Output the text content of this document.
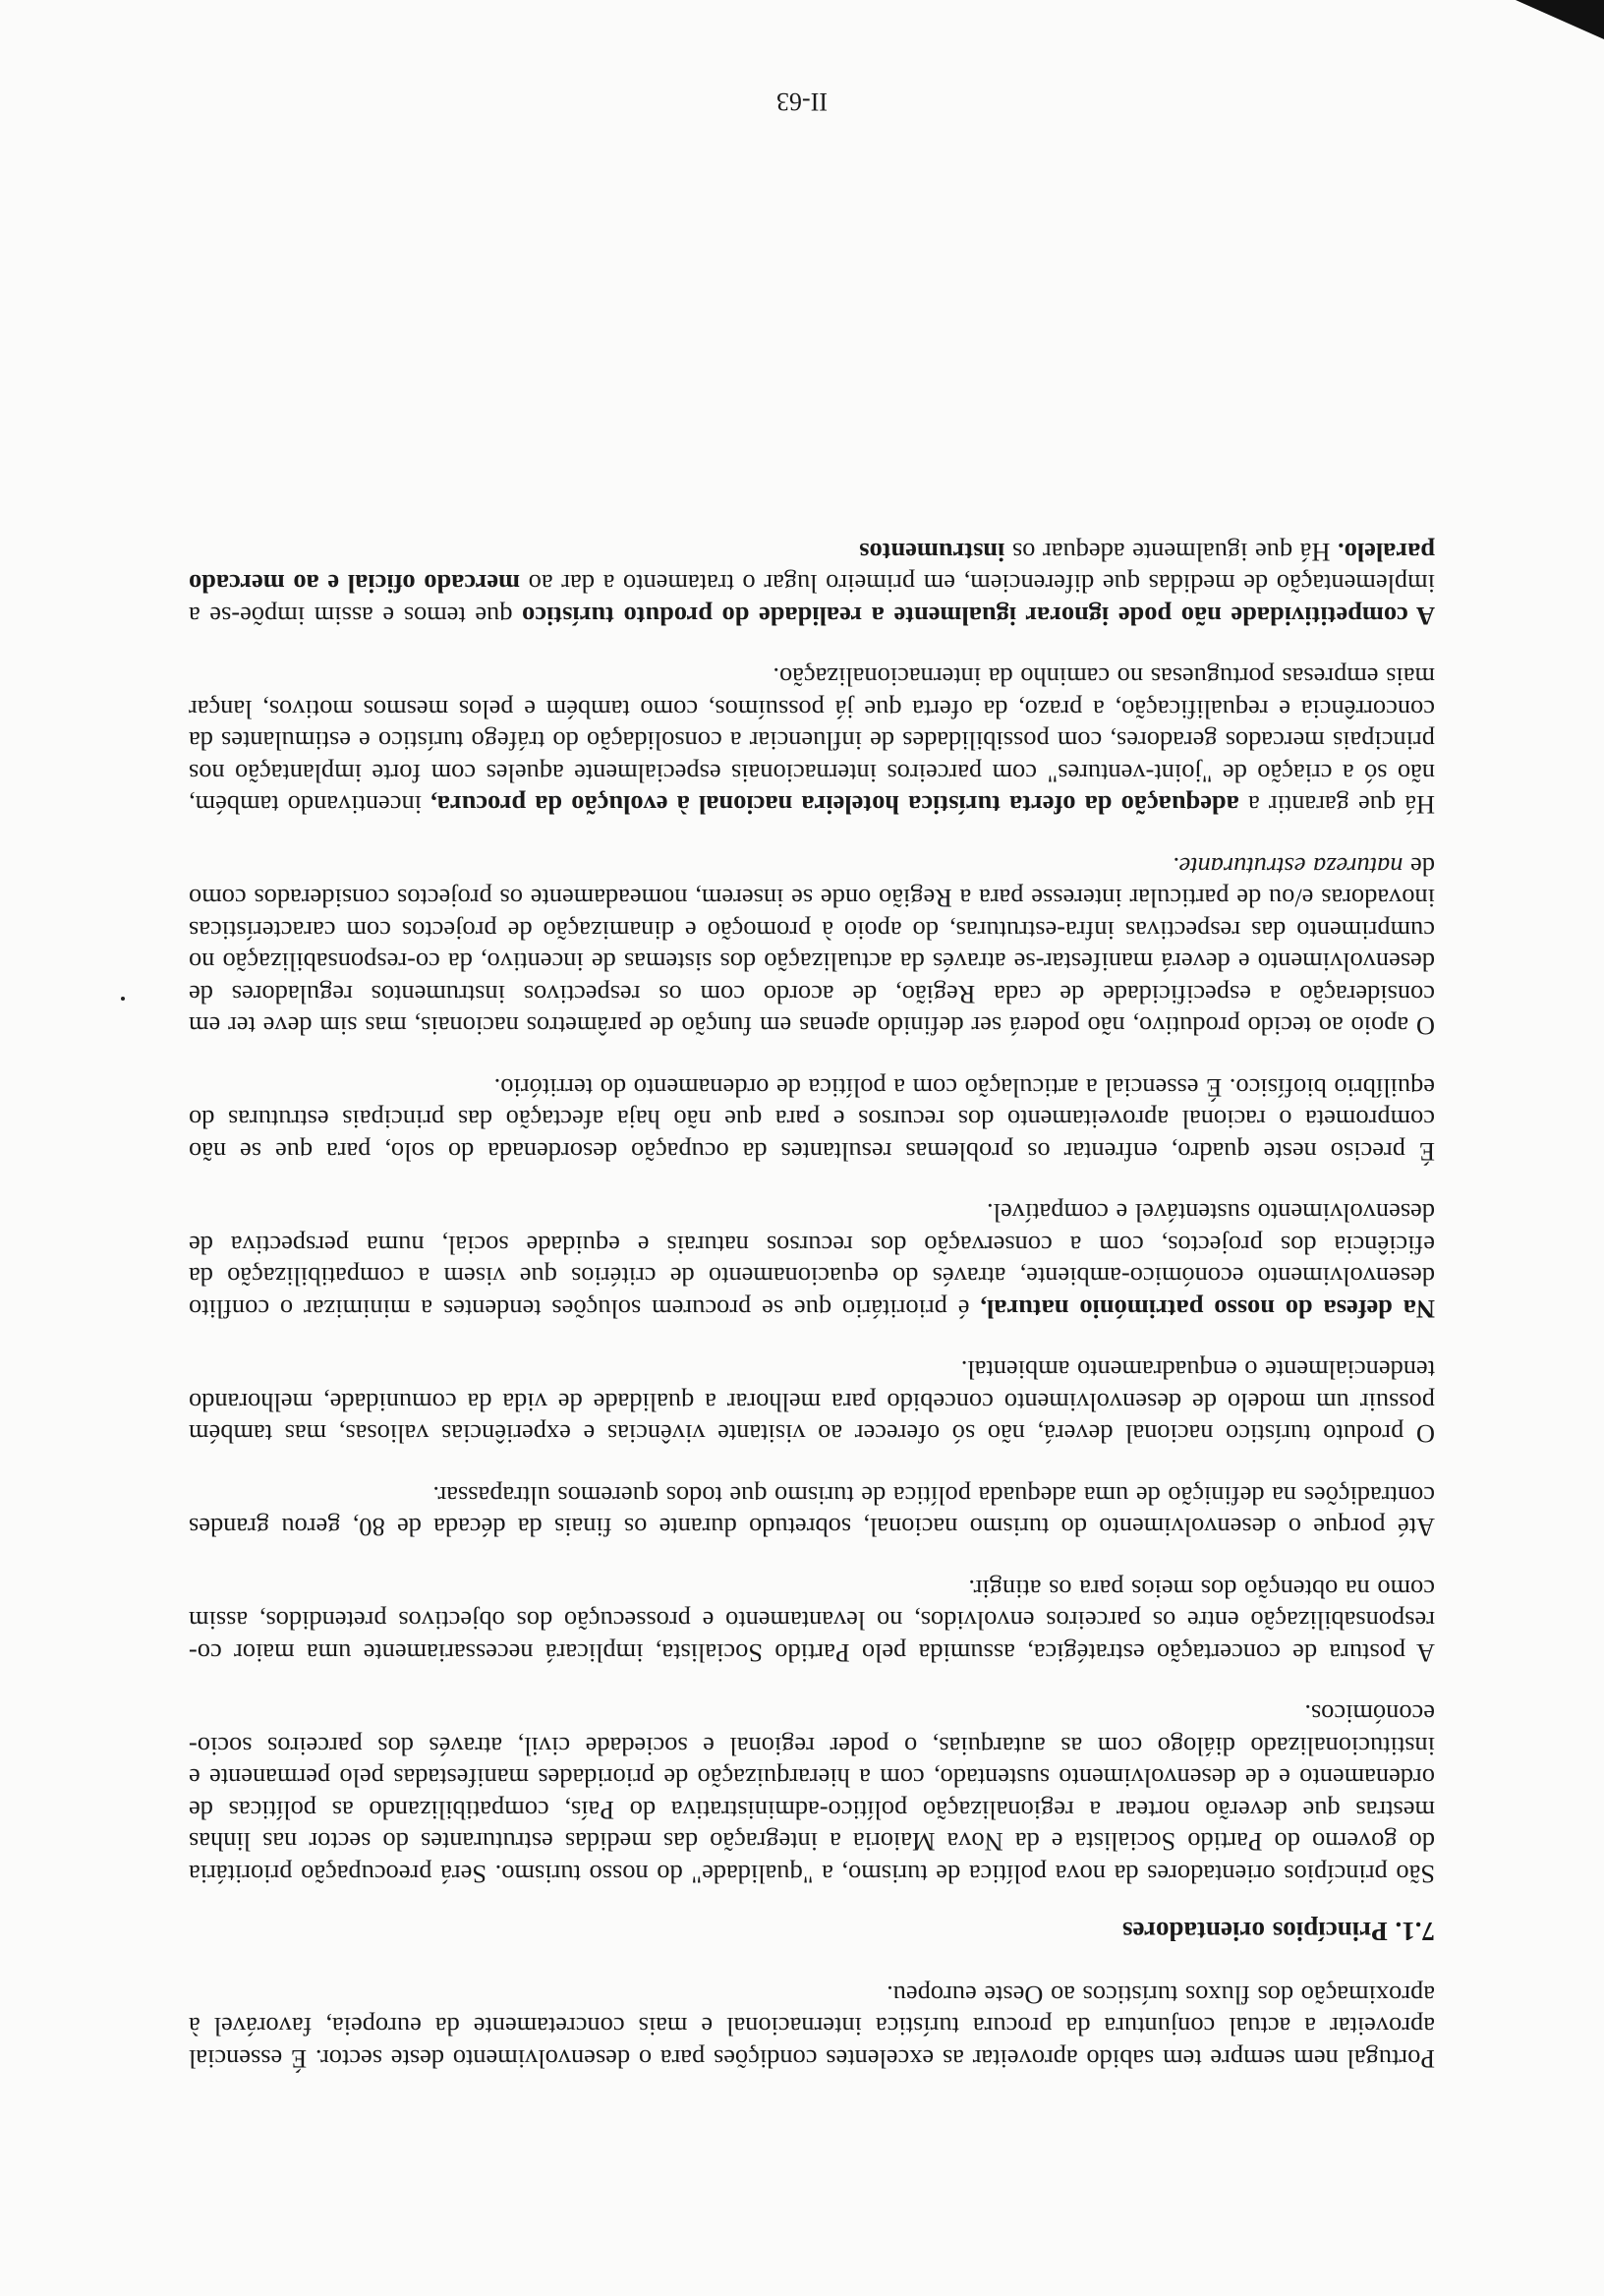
Portugal nem sempre tem sabido aproveitar as excelentes condições para o desenvolvimento deste sector. É essencial aproveitar a actual conjuntura da procura turística internacional e mais concretamente da europeia, favorável à aproximação dos fluxos turísticos ao Oeste europeu.

7.1. Princípios orientadores

São princípios orientadores da nova política de turismo, a "qualidade" do nosso turismo. Será preocupação prioritária do governo do Partido Socialista e da Nova Maioria a integração das medidas estruturantes do sector nas linhas mestras que deverão nortear a regionalização político-administrativa do País, compatibilizando as políticas de ordenamento e de desenvolvimento sustentado, com a hierarquização de prioridades manifestadas pelo permanente e institucionalizado diálogo com as autarquias, o poder regional e sociedade civil, através dos parceiros socio-económicos.

A postura de concertação estratégica, assumida pelo Partido Socialista, implicará necessariamente uma maior co-responsabilização entre os parceiros envolvidos, no levantamento e prossecução dos objectivos pretendidos, assim como na obtenção dos meios para os atingir.

Até porque o desenvolvimento do turismo nacional, sobretudo durante os finais da década de 80, gerou grandes contradições na definição de uma adequada política de turismo que todos queremos ultrapassar.

O produto turístico nacional deverá, não só oferecer ao visitante vivências e experiências valiosas, mas também possuir um modelo de desenvolvimento concebido para melhorar a qualidade de vida da comunidade, melhorando tendencialmente o enquadramento ambiental.

Na defesa do nosso património natural, é prioritário que se procurem soluções tendentes a minimizar o conflito desenvolvimento económico-ambiente, através do equacionamento de critérios que visem a compatibilização da eficiência dos projectos, com a conservação dos recursos naturais e equidade social, numa perspectiva de desenvolvimento sustentável e compatível.

É preciso neste quadro, enfrentar os problemas resultantes da ocupação desordenada do solo, para que se não comprometa o racional aproveitamento dos recursos e para que não haja afectação das principais estruturas do equilíbrio biofísico. É essencial a articulação com a política de ordenamento do território.

O apoio ao tecido produtivo, não poderá ser definido apenas em função de parâmetros nacionais, mas sim deve ter em consideração a especificidade de cada Região, de acordo com os respectivos instrumentos reguladores de desenvolvimento e deverá manifestar-se através da actualização dos sistemas de incentivo, da co-responsabilização no cumprimento das respectivas infra-estruturas, do apoio à promoção e dinamização de projectos com características inovadoras e/ou de particular interesse para a Região onde se inserem, nomeadamente os projectos considerados como de natureza estruturante.

Há que garantir a adequação da oferta turística hoteleira nacional à evolução da procura, incentivando também, não só a criação de "joint-ventures" com parceiros internacionais especialmente aqueles com forte implantação nos principais mercados geradores, com possibilidades de influenciar a consolidação do tráfego turístico e estimulantes da concorrência e requalificação, a prazo, da oferta que já possuímos, como também e pelos mesmos motivos, lançar mais empresas portuguesas no caminho da internacionalização.

A competitividade não pode ignorar igualmente a realidade do produto turístico que temos e assim impõe-se a implementação de medidas que diferenciem, em primeiro lugar o tratamento a dar ao mercado oficial e ao mercado paralelo. Há que igualmente adequar os instrumentos

II-63
